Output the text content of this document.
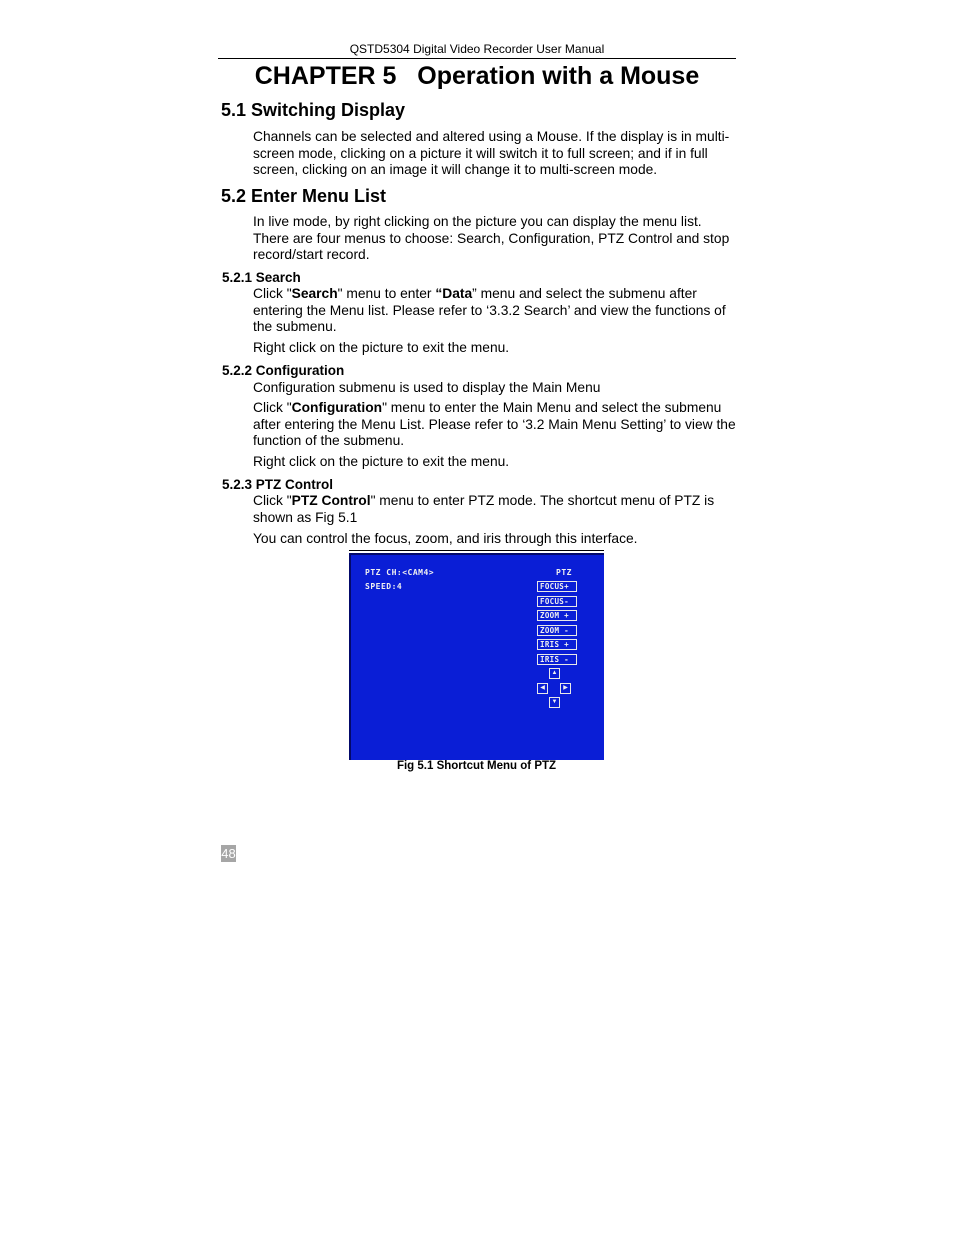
QSTD5304 Digital Video Recorder User Manual
CHAPTER 5   Operation with a Mouse
5.1 Switching Display
Channels can be selected and altered using a Mouse. If the display is in multi-screen mode, clicking on a picture it will switch it to full screen; and if in full screen, clicking on an image it will change it to multi-screen mode.
5.2 Enter Menu List
In live mode, by right clicking on the picture you can display the menu list. There are four menus to choose: Search, Configuration, PTZ Control and stop record/start record.
5.2.1 Search
Click "Search" menu to enter “Data” menu and select the submenu after entering the Menu list. Please refer to ‘3.3.2 Search’ and view the functions of the submenu.
Right click on the picture to exit the menu.
5.2.2 Configuration
Configuration submenu is used to display the Main Menu
Click "Configuration" menu to enter the Main Menu and select the submenu after entering the Menu List. Please refer to ‘3.2 Main Menu Setting’ to view the function of the submenu.
Right click on the picture to exit the menu.
5.2.3 PTZ Control
Click "PTZ Control" menu to enter PTZ mode. The shortcut menu of PTZ is shown as Fig 5.1
You can control the focus, zoom, and iris through this interface.
PTZ CH:<CAM4>
SPEED:4
PTZ
FOCUS+
FOCUS-
ZOOM +
ZOOM -
IRIS +
IRIS -
▲
◀	▶
▼
Fig 5.1 Shortcut Menu of PTZ
48
